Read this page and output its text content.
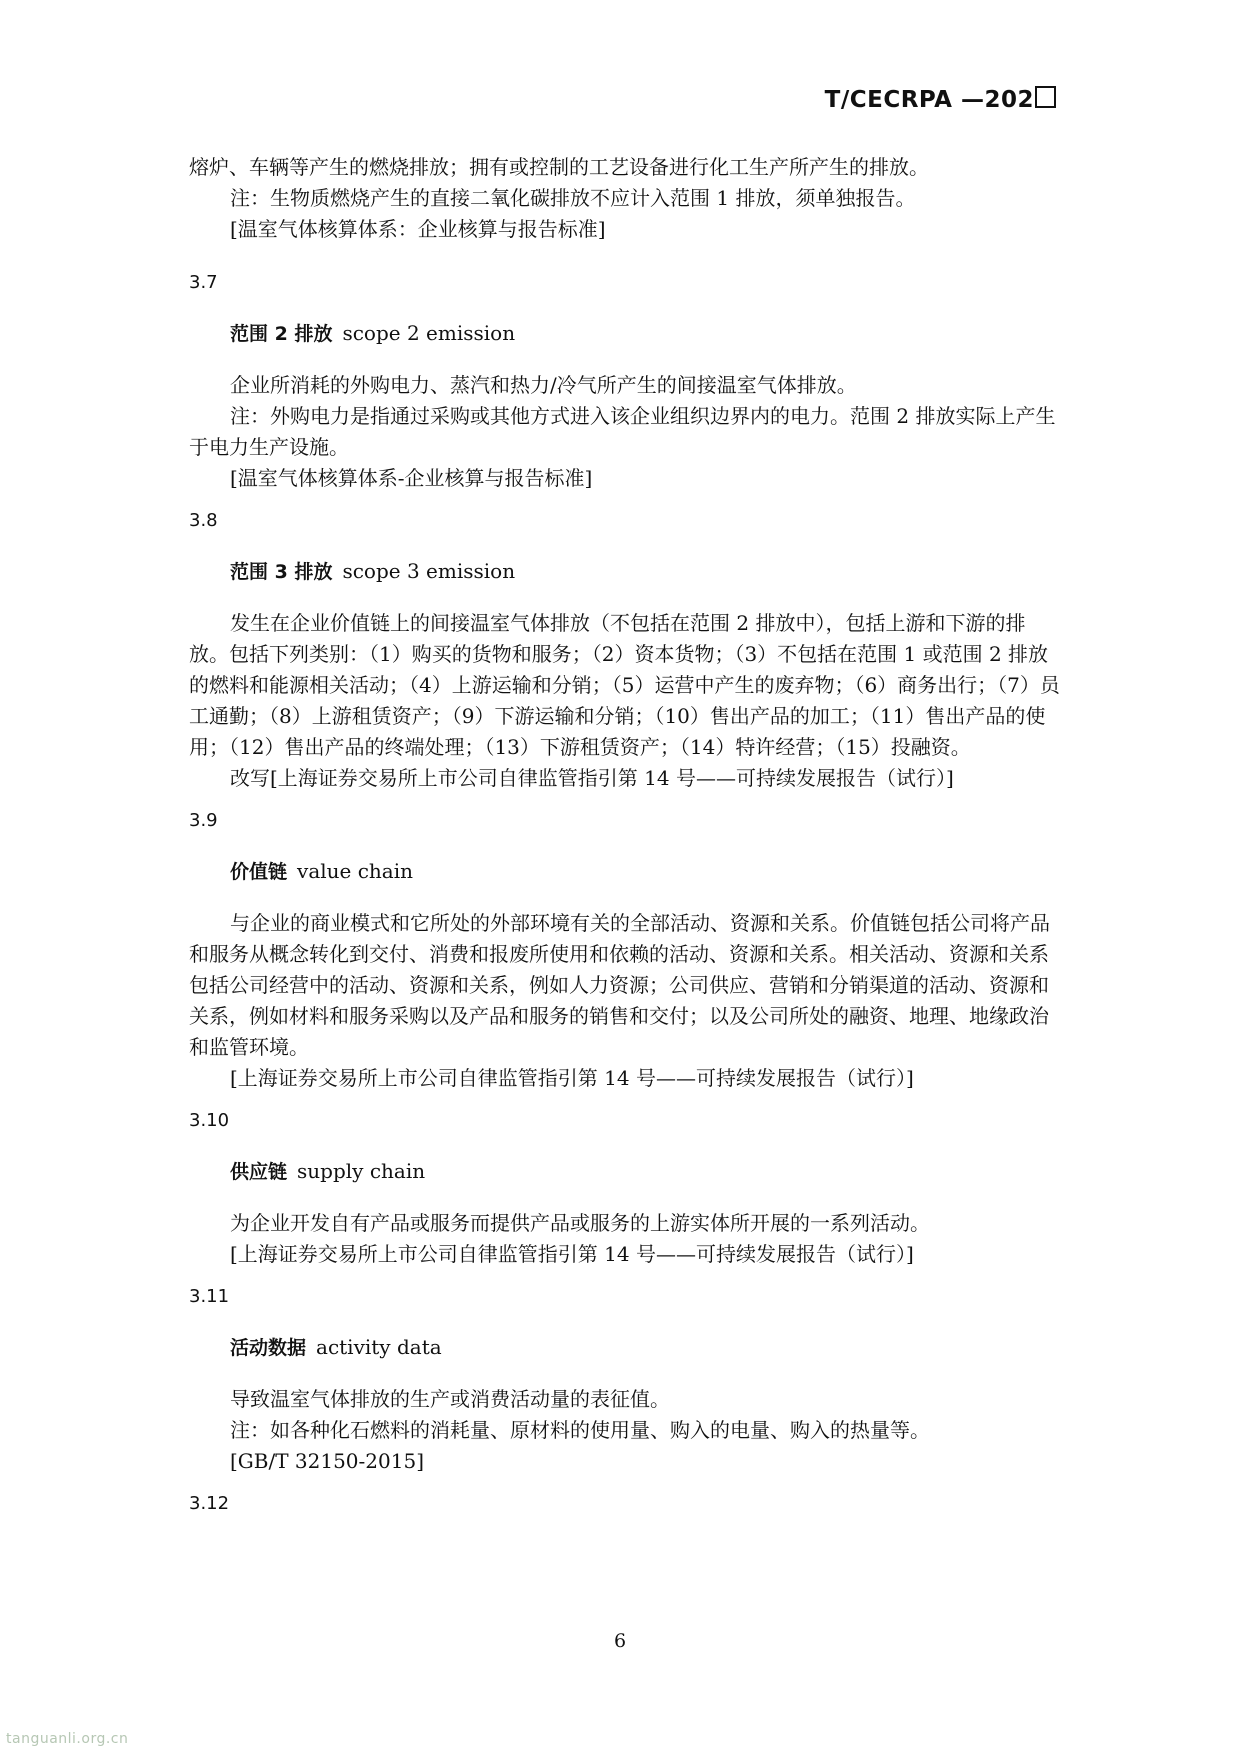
T/CECRPA —202

熔炉、车辆等产生的燃烧排放；拥有或控制的工艺设备进行化工生产所产生的排放。

注：生物质燃烧产生的直接二氧化碳排放不应计入范围 1 排放，须单独报告。

[温室气体核算体系：企业核算与报告标准]

3.7
范围 2 排放 scope 2 emission

企业所消耗的外购电力、蒸汽和热力/冷气所产生的间接温室气体排放。

注：外购电力是指通过采购或其他方式进入该企业组织边界内的电力。范围 2 排放实际上产生于电力生产设施。

[温室气体核算体系-企业核算与报告标准]

3.8
范围 3 排放 scope 3 emission

发生在企业价值链上的间接温室气体排放（不包括在范围 2 排放中），包括上游和下游的排放。包括下列类别：（1）购买的货物和服务；（2）资本货物；（3）不包括在范围 1 或范围 2 排放的燃料和能源相关活动；（4）上游运输和分销；（5）运营中产生的废弃物；（6）商务出行；（7）员工通勤；（8）上游租赁资产；（9）下游运输和分销；（10）售出产品的加工；（11）售出产品的使用；（12）售出产品的终端处理；（13）下游租赁资产；（14）特许经营；（15）投融资。

改写[上海证券交易所上市公司自律监管指引第 14 号——可持续发展报告（试行）]

3.9
价值链 value chain

与企业的商业模式和它所处的外部环境有关的全部活动、资源和关系。价值链包括公司将产品和服务从概念转化到交付、消费和报废所使用和依赖的活动、资源和关系。相关活动、资源和关系包括公司经营中的活动、资源和关系，例如人力资源；公司供应、营销和分销渠道的活动、资源和关系，例如材料和服务采购以及产品和服务的销售和交付；以及公司所处的融资、地理、地缘政治和监管环境。

[上海证券交易所上市公司自律监管指引第 14 号——可持续发展报告（试行）]

3.10
供应链 supply chain

为企业开发自有产品或服务而提供产品或服务的上游实体所开展的一系列活动。

[上海证券交易所上市公司自律监管指引第 14 号——可持续发展报告（试行）]

3.11
活动数据 activity data

导致温室气体排放的生产或消费活动量的表征值。

注：如各种化石燃料的消耗量、原材料的使用量、购入的电量、购入的热量等。

[GB/T 32150-2015]

3.12
6
tanguanli.org.cn
